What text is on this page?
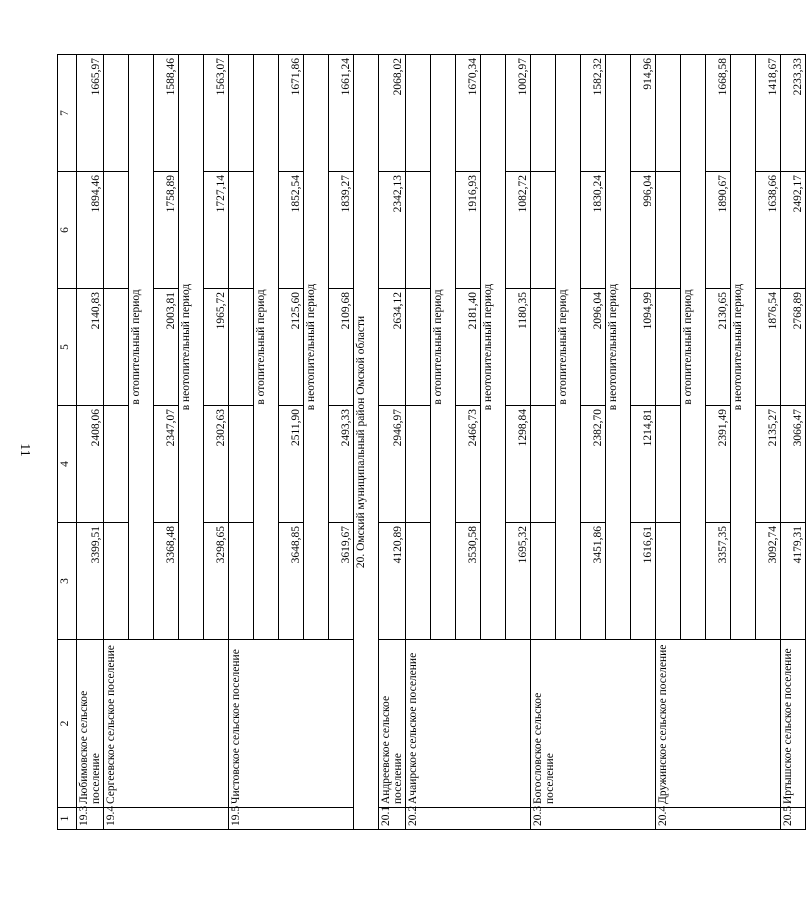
11
1	2	3	4	5	6	7
19.3	Любимовское сельское поселение	3399,51	2408,06	2140,83	1894,46	1665,97
19.4	Сергеевское сельское поселение					
		в отопительный период				
		3368,48	2347,07	2003,81	1758,89	1588,46
		в неотопительный период				
		3298,65	2302,63	1965,72	1727,14	1563,07
19.5	Чистовское сельское поселение					
		в отопительный период				
		3648,85	2511,90	2125,60	1852,54	1671,86
		в неотопительный период				
		3619,67	2493,33	2109,68	1839,27	1661,24
20. Омский муниципальный район Омской области						
20.1	Андреевское сельское поселение	4120,89	2946,97	2634,12	2342,13	2068,02
20.2	Ачаирское сельское поселение					
		в отопительный период				
		3530,58	2466,73	2181,40	1916,93	1670,34
		в неотопительный период				
		1695,32	1298,84	1180,35	1082,72	1002,97
20.3	Богословское сельское поселение					
		в отопительный период				
		3451,86	2382,70	2096,04	1830,24	1582,32
		в неотопительный период				
		1616,61	1214,81	1094,99	996,04	914,96
20.4	Дружинское сельское поселение					
		в отопительный период				
		3357,35	2391,49	2130,65	1890,67	1668,58
		в неотопительный период				
		3092,74	2135,27	1876,54	1638,66	1418,67
20.5	Иртышское сельское поселение	4179,31	3066,47	2768,89	2492,17	2233,33
